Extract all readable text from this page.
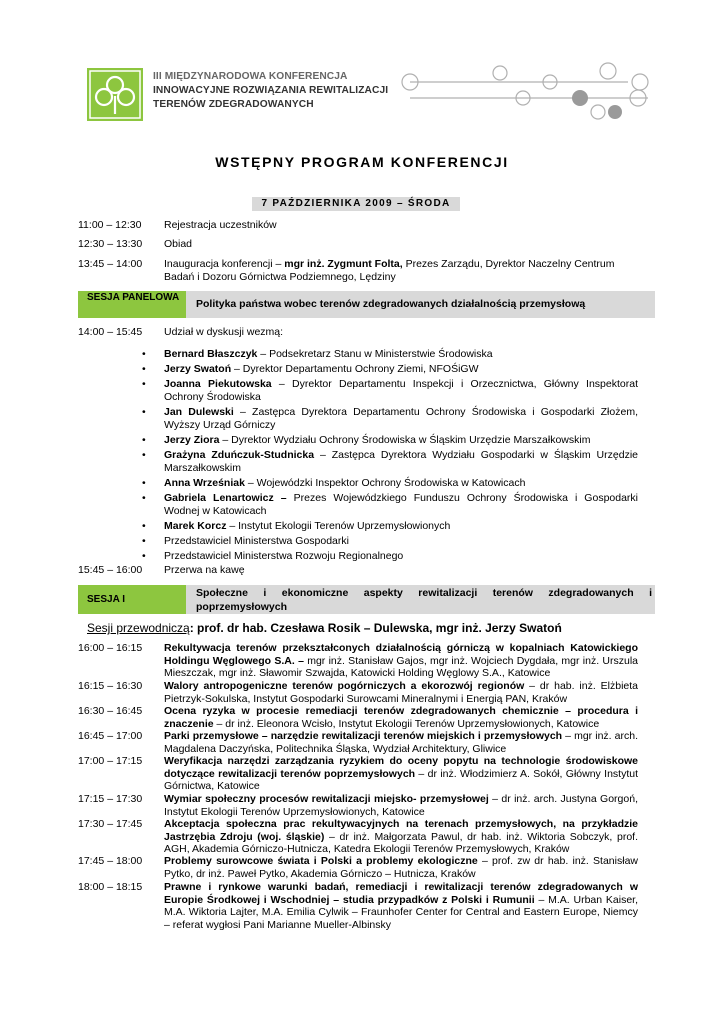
III MIĘDZYNARODOWA KONFERENCJA
INNOWACYJNE ROZWIĄZANIA REWITALIZACJI
TERENÓW ZDEGRADOWANYCH
WSTĘPNY PROGRAM KONFERENCJI
7 PAŹDZIERNIKA 2009 – ŚRODA
11:00 – 12:30 Rejestracja uczestników
12:30 – 13:30 Obiad
13:45 – 14:00 Inauguracja konferencji – mgr inż. Zygmunt Folta, Prezes Zarządu, Dyrektor Naczelny Centrum Badań i Dozoru Górnictwa Podziemnego, Lędziny
SESJA PANELOWA
Polityka państwa wobec terenów zdegradowanych działalnością przemysłową
14:00 – 15:45 Udział w dyskusji wezmą:
• Bernard Błaszczyk – Podsekretarz Stanu w Ministerstwie Środowiska
• Jerzy Swatoń – Dyrektor Departamentu Ochrony Ziemi, NFOŚiGW
• Joanna Piekutowska – Dyrektor Departamentu Inspekcji i Orzecznictwa, Główny Inspektorat Ochrony Środowiska
• Jan Dulewski – Zastępca Dyrektora Departamentu Ochrony Środowiska i Gospodarki Złożem, Wyższy Urząd Górniczy
• Jerzy Ziora – Dyrektor Wydziału Ochrony Środowiska w Śląskim Urzędzie Marszałkowskim
• Grażyna Zduńczuk-Studnicka – Zastępca Dyrektora Wydziału Gospodarki w Śląskim Urzędzie Marszałkowskim
• Anna Wrześniak – Wojewódzki Inspektor Ochrony Środowiska w Katowicach
• Gabriela Lenartowicz – Prezes Wojewódzkiego Funduszu Ochrony Środowiska i Gospodarki Wodnej w Katowicach
• Marek Korcz – Instytut Ekologii Terenów Uprzemysłowionych
• Przedstawiciel Ministerstwa Gospodarki
• Przedstawiciel Ministerstwa Rozwoju Regionalnego
15:45 – 16:00 Przerwa na kawę
SESJA I
Społeczne i ekonomiczne aspekty rewitalizacji terenów zdegradowanych i poprzemysłowych
Sesji przewodniczą: prof. dr hab. Czesława Rosik – Dulewska, mgr inż. Jerzy Swatoń
16:00 – 16:15 Rekultywacja terenów przekształconych działalnością górniczą w kopalniach Katowickiego Holdingu Węglowego S.A. – mgr inż. Stanisław Gajos, mgr inż. Wojciech Dygdała, mgr inż. Urszula Mieszczak, mgr inż. Sławomir Szwajda, Katowicki Holding Węglowy S.A., Katowice
16:15 – 16:30 Walory antropogeniczne terenów pogórniczych a ekorozwój regionów – dr hab. inż. Elżbieta Pietrzyk-Sokulska, Instytut Gospodarki Surowcami Mineralnymi i Energią PAN, Kraków
16:30 – 16:45 Ocena ryzyka w procesie remediacji terenów zdegradowanych chemicznie – procedura i znaczenie – dr inż. Eleonora Wcisło, Instytut Ekologii Terenów Uprzemysłowionych, Katowice
16:45 – 17:00 Parki przemysłowe – narzędzie rewitalizacji terenów miejskich i przemysłowych – mgr inż. arch. Magdalena Daczyńska, Politechnika Śląska, Wydział Architektury, Gliwice
17:00 – 17:15 Weryfikacja narzędzi zarządzania ryzykiem do oceny popytu na technologie środowiskowe dotyczące rewitalizacji terenów poprzemysłowych – dr inż. Włodzimierz A. Sokół, Główny Instytut Górnictwa, Katowice
17:15 – 17:30 Wymiar społeczny procesów rewitalizacji miejsko- przemysłowej – dr inż. arch. Justyna Gorgoń, Instytut Ekologii Terenów Uprzemysłowionych, Katowice
17:30 – 17:45 Akceptacja społeczna prac rekultywacyjnych na terenach przemysłowych, na przykładzie Jastrzębia Zdroju (woj. śląskie) – dr inż. Małgorzata Pawul, dr hab. inż. Wiktoria Sobczyk, prof. AGH, Akademia Górniczo-Hutnicza, Katedra Ekologii Terenów Przemysłowych, Kraków
17:45 – 18:00 Problemy surowcowe świata i Polski a problemy ekologiczne – prof. zw dr hab. inż. Stanisław Pytko, dr inż. Paweł Pytko, Akademia Górniczo – Hutnicza, Kraków
18:00 – 18:15 Prawne i rynkowe warunki badań, remediacji i rewitalizacji terenów zdegradowanych w Europie Środkowej i Wschodniej – studia przypadków z Polski i Rumunii – M.A. Urban Kaiser, M.A. Wiktoria Lajter, M.A. Emilia Cylwik – Fraunhofer Center for Central and Eastern Europe, Niemcy – referat wygłosi Pani Marianne Mueller-Albinsky
